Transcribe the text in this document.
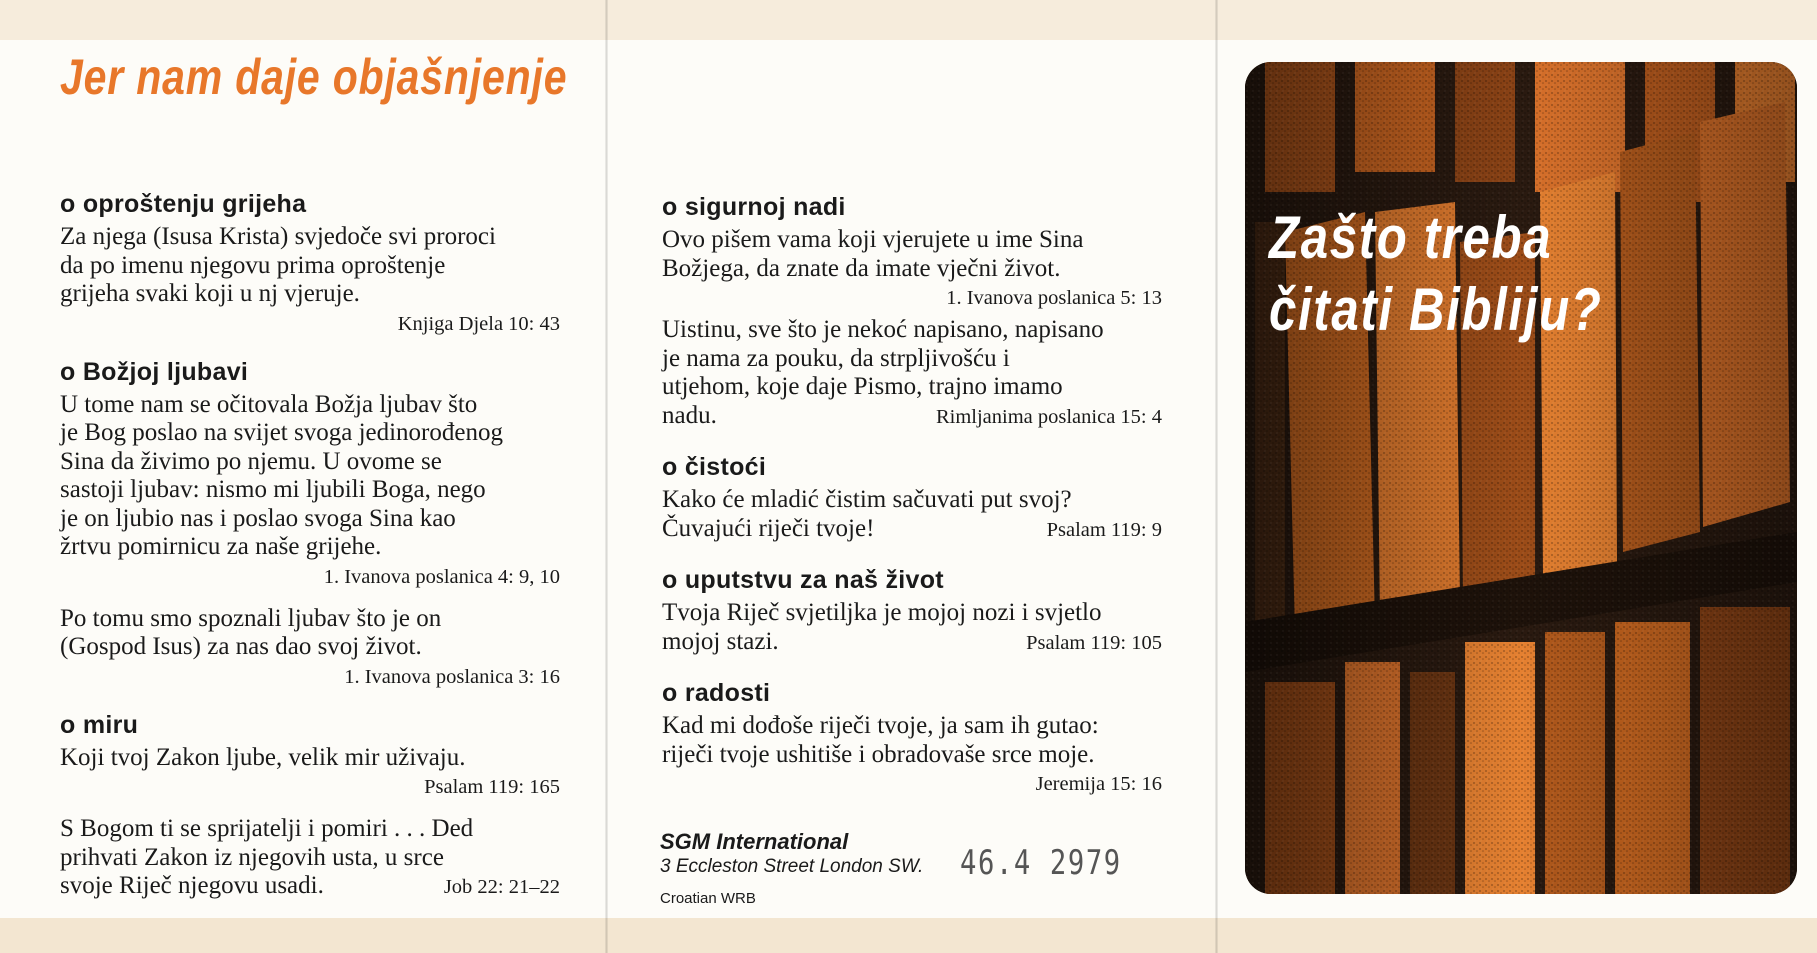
Jer nam daje objašnjenje

o oproštenju grijeha

Za njega (Isusa Krista) svjedoče svi proroci

da po imenu njegovu prima oproštenje

grijeha svaki koji u nj vjeruje.

Knjiga Djela 10: 43

o Božjoj ljubavi

U tome nam se očitovala Božja ljubav što

je Bog poslao na svijet svoga jedinorođenog

Sina da živimo po njemu. U ovome se

sastoji ljubav: nismo mi ljubili Boga, nego

je on ljubio nas i poslao svoga Sina kao

žrtvu pomirnicu za naše grijehe.

1. Ivanova poslanica 4: 9, 10

Po tomu smo spoznali ljubav što je on

(Gospod Isus) za nas dao svoj život.

1. Ivanova poslanica 3: 16

o miru

Koji tvoj Zakon ljube, velik mir uživaju.

Psalam 119: 165

S Bogom ti se sprijatelji i pomiri . . . Ded

prihvati Zakon iz njegovih usta, u srce

svoje Riječ njegovu usadi.	Job 22: 21–22

o sigurnoj nadi

Ovo pišem vama koji vjerujete u ime Sina

Božjega, da znate da imate vječni život.

1. Ivanova poslanica 5: 13

Uistinu, sve što je nekoć napisano, napisano

je nama za pouku, da strpljivošću i

utjehom, koje daje Pismo, trajno imamo

nadu.	Rimljanima poslanica 15: 4

o čistoći

Kako će mladić čistim sačuvati put svoj?

Čuvajući riječi tvoje!	Psalam 119: 9

o uputstvu za naš život

Tvoja Riječ svjetiljka je mojoj nozi i svjetlo

mojoj stazi.	Psalam 119: 105

o radosti

Kad mi dođoše riječi tvoje, ja sam ih gutao:

riječi tvoje ushitiše i obradovaše srce moje.

Jeremija 15: 16

SGM International
3 Eccleston Street London SW.
Croatian WRB
46.4 2979
Zašto treba
čitati Bibliju?
